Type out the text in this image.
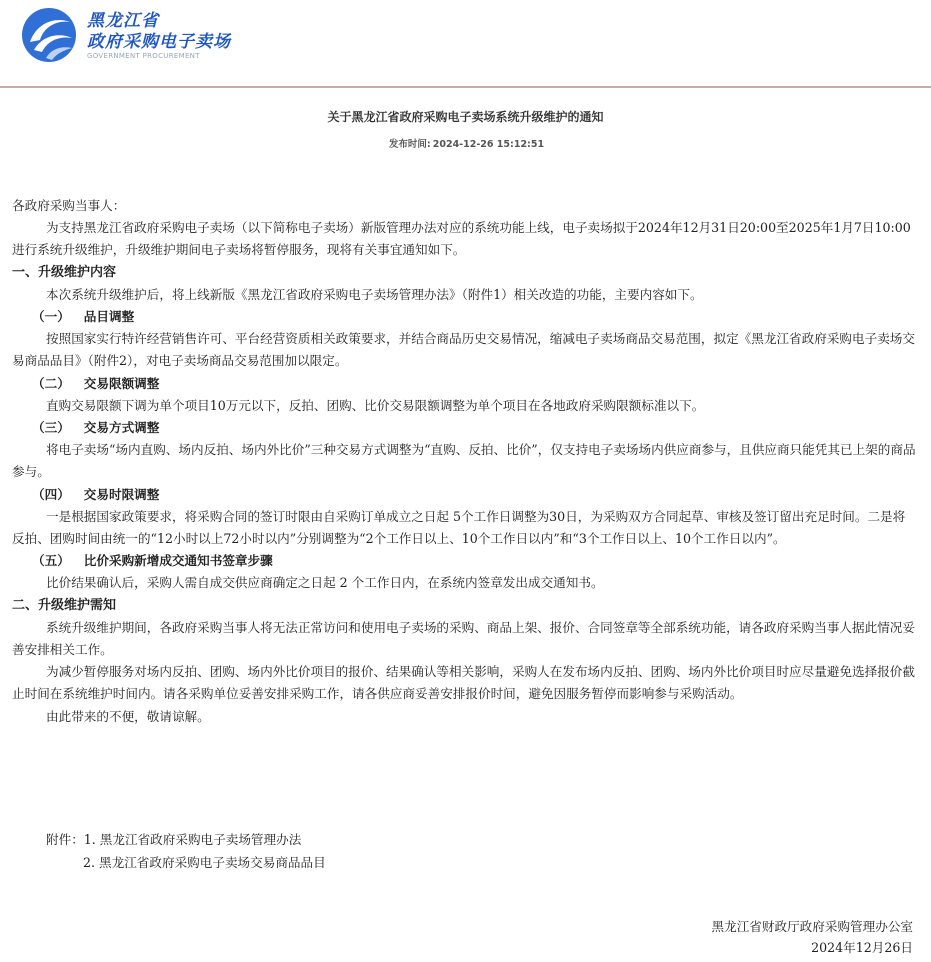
黑龙江省
政府采购电子卖场
GOVERNMENT PROCUREMENT
关于黑龙江省政府采购电子卖场系统升级维护的通知
发布时间: 2024-12-26 15:12:51

各政府采购当事人：

为支持黑龙江省政府采购电子卖场（以下简称电子卖场）新版管理办法对应的系统功能上线，电子卖场拟于2024年12月31日20:00至2025年1月7日10:00进行系统升级维护，升级维护期间电子卖场将暂停服务，现将有关事宜通知如下。

一、升级维护内容

本次系统升级维护后，将上线新版《黑龙江省政府采购电子卖场管理办法》（附件1）相关改造的功能，主要内容如下。

（一） 品目调整

按照国家实行特许经营销售许可、平台经营资质相关政策要求，并结合商品历史交易情况，缩减电子卖场商品交易范围，拟定《黑龙江省政府采购电子卖场交易商品品目》（附件2），对电子卖场商品交易范围加以限定。

（二） 交易限额调整

直购交易限额下调为单个项目10万元以下，反拍、团购、比价交易限额调整为单个项目在各地政府采购限额标准以下。

（三） 交易方式调整

将电子卖场“场内直购、场内反拍、场内外比价”三种交易方式调整为“直购、反拍、比价”，仅支持电子卖场场内供应商参与，且供应商只能凭其已上架的商品参与。

（四） 交易时限调整

一是根据国家政策要求，将采购合同的签订时限由自采购订单成立之日起 5个工作日调整为30日，为采购双方合同起草、审核及签订留出充足时间。二是将反拍、团购时间由统一的“12小时以上72小时以内”分别调整为“2个工作日以上、10个工作日以内”和“3个工作日以上、10个工作日以内”。

（五） 比价采购新增成交通知书签章步骤

比价结果确认后，采购人需自成交供应商确定之日起 2 个工作日内，在系统内签章发出成交通知书。

二、升级维护需知

系统升级维护期间，各政府采购当事人将无法正常访问和使用电子卖场的采购、商品上架、报价、合同签章等全部系统功能，请各政府采购当事人据此情况妥善安排相关工作。

为减少暂停服务对场内反拍、团购、场内外比价项目的报价、结果确认等相关影响，采购人在发布场内反拍、团购、场内外比价项目时应尽量避免选择报价截止时间在系统维护时间内。请各采购单位妥善安排采购工作，请各供应商妥善安排报价时间，避免因服务暂停而影响参与采购活动。

由此带来的不便，敬请谅解。

附件：1. 黑龙江省政府采购电子卖场管理办法
2. 黑龙江省政府采购电子卖场交易商品品目
黑龙江省财政厅政府采购管理办公室
2024年12月26日
